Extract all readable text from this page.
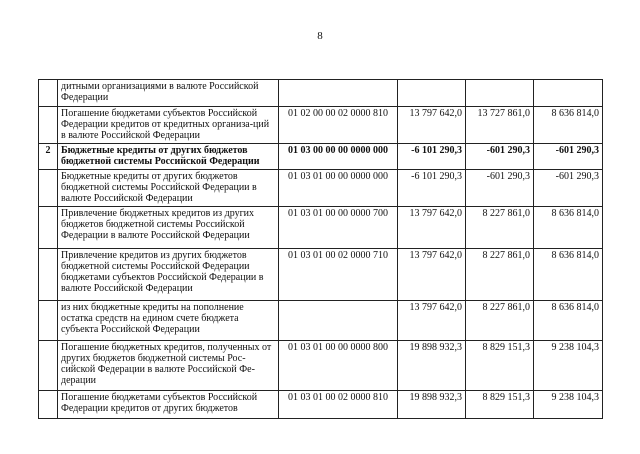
8
	дитными организациями в валюте Российской Федерации				
	Погашение бюджетами субъектов Российской Федерации кредитов от кредитных организа-ций в валюте Российской Федерации	01 02 00 00 02 0000 810	13 797 642,0	13 727 861,0	8 636 814,0
2	Бюджетные кредиты от других бюджетов бюджетной системы Российской Федерации	01 03 00 00 00 0000 000	-6 101 290,3	-601 290,3	-601 290,3
	Бюджетные кредиты от других бюджетов бюджетной системы Российской Федерации в валюте Российской Федерации	01 03 01 00 00 0000 000	-6 101 290,3	-601 290,3	-601 290,3
	Привлечение бюджетных кредитов из других бюджетов бюджетной системы Российской Федерации в валюте Российской Федерации	01 03 01 00 00 0000 700	13 797 642,0	8 227 861,0	8 636 814,0
	Привлечение кредитов из других бюджетов бюджетной системы Российской Федерации бюджетами субъектов Российской Федерации в валюте Российской Федерации	01 03 01 00 02 0000 710	13 797 642,0	8 227 861,0	8 636 814,0
	из них бюджетные кредиты на пополнение остатка средств на едином счете бюджета субъекта Российской Федерации		13 797 642,0	8 227 861,0	8 636 814,0
	Погашение бюджетных кредитов, полученных от других бюджетов бюджетной системы Рос-сийской Федерации в валюте Российской Фе-дерации	01 03 01 00 00 0000 800	19 898 932,3	8 829 151,3	9 238 104,3
	Погашение бюджетами субъектов Российской Федерации кредитов от других бюджетов	01 03 01 00 02 0000 810	19 898 932,3	8 829 151,3	9 238 104,3
